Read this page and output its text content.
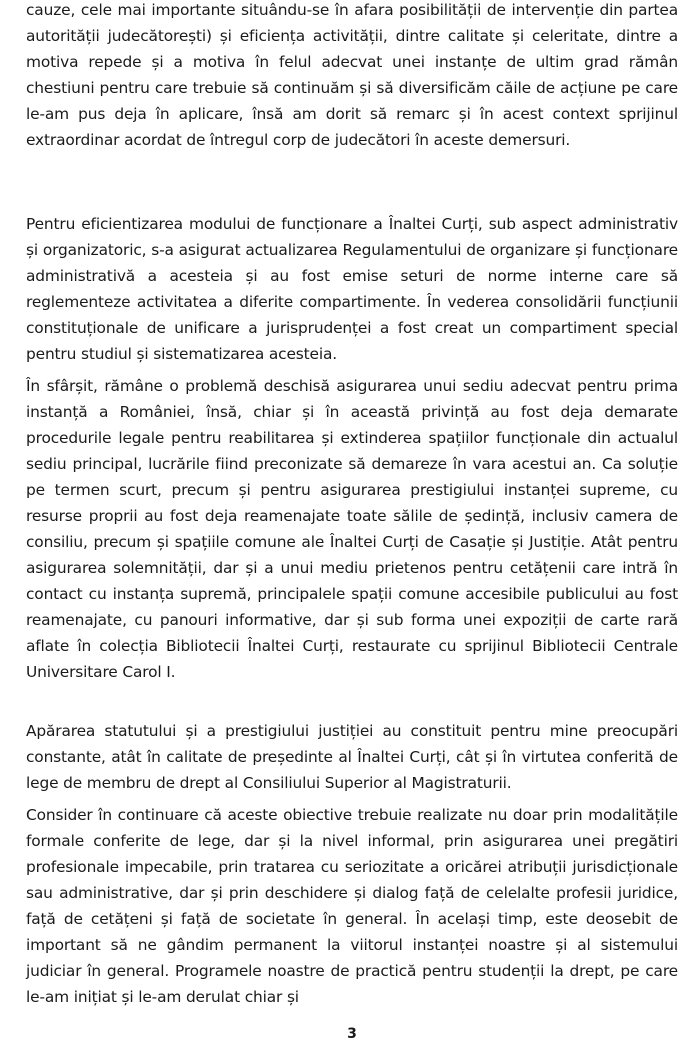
cauze, cele mai importante situându-se în afara posibilității de intervenție din partea autorității judecătorești) și eficiența activității, dintre calitate și celeritate, dintre a motiva repede și a motiva în felul adecvat unei instanțe de ultim grad rămân chestiuni pentru care trebuie să continuăm și să diversificăm căile de acțiune pe care le-am pus deja în aplicare, însă am dorit să remarc și în acest context sprijinul extraordinar acordat de întregul corp de judecători în aceste demersuri.

Pentru eficientizarea modului de funcționare a Înaltei Curți, sub aspect administrativ și organizatoric, s-a asigurat actualizarea Regulamentului de organizare și funcționare administrativă a acesteia și au fost emise seturi de norme interne care să reglementeze activitatea a diferite compartimente. În vederea consolidării funcțiunii constituționale de unificare a jurisprudenței a fost creat un compartiment special pentru studiul și sistematizarea acesteia.

În sfârșit, rămâne o problemă deschisă asigurarea unui sediu adecvat pentru prima instanță a României, însă, chiar și în această privință au fost deja demarate procedurile legale pentru reabilitarea și extinderea spațiilor funcționale din actualul sediu principal, lucrările fiind preconizate să demareze în vara acestui an. Ca soluție pe termen scurt, precum și pentru asigurarea prestigiului instanței supreme, cu resurse proprii au fost deja reamenajate toate sălile de ședință, inclusiv camera de consiliu, precum și spațiile comune ale Înaltei Curți de Casație și Justiție. Atât pentru asigurarea solemnității, dar și a unui mediu prietenos pentru cetățenii care intră în contact cu instanța supremă, principalele spații comune accesibile publicului au fost reamenajate, cu panouri informative, dar și sub forma unei expoziții de carte rară aflate în colecția Bibliotecii Înaltei Curți, restaurate cu sprijinul Bibliotecii Centrale Universitare Carol I.

Apărarea statutului și a prestigiului justiției au constituit pentru mine preocupări constante, atât în calitate de președinte al Înaltei Curți, cât și în virtutea conferită de lege de membru de drept al Consiliului Superior al Magistraturii.

Consider în continuare că aceste obiective trebuie realizate nu doar prin modalitățile formale conferite de lege, dar și la nivel informal, prin asigurarea unei pregătiri profesionale impecabile, prin tratarea cu seriozitate a oricărei atribuții jurisdicționale sau administrative, dar și prin deschidere și dialog față de celelalte profesii juridice, față de cetățeni și față de societate în general. În același timp, este deosebit de important să ne gândim permanent la viitorul instanței noastre și al sistemului judiciar în general. Programele noastre de practică pentru studenții la drept, pe care le-am inițiat și le-am derulat chiar și

3
